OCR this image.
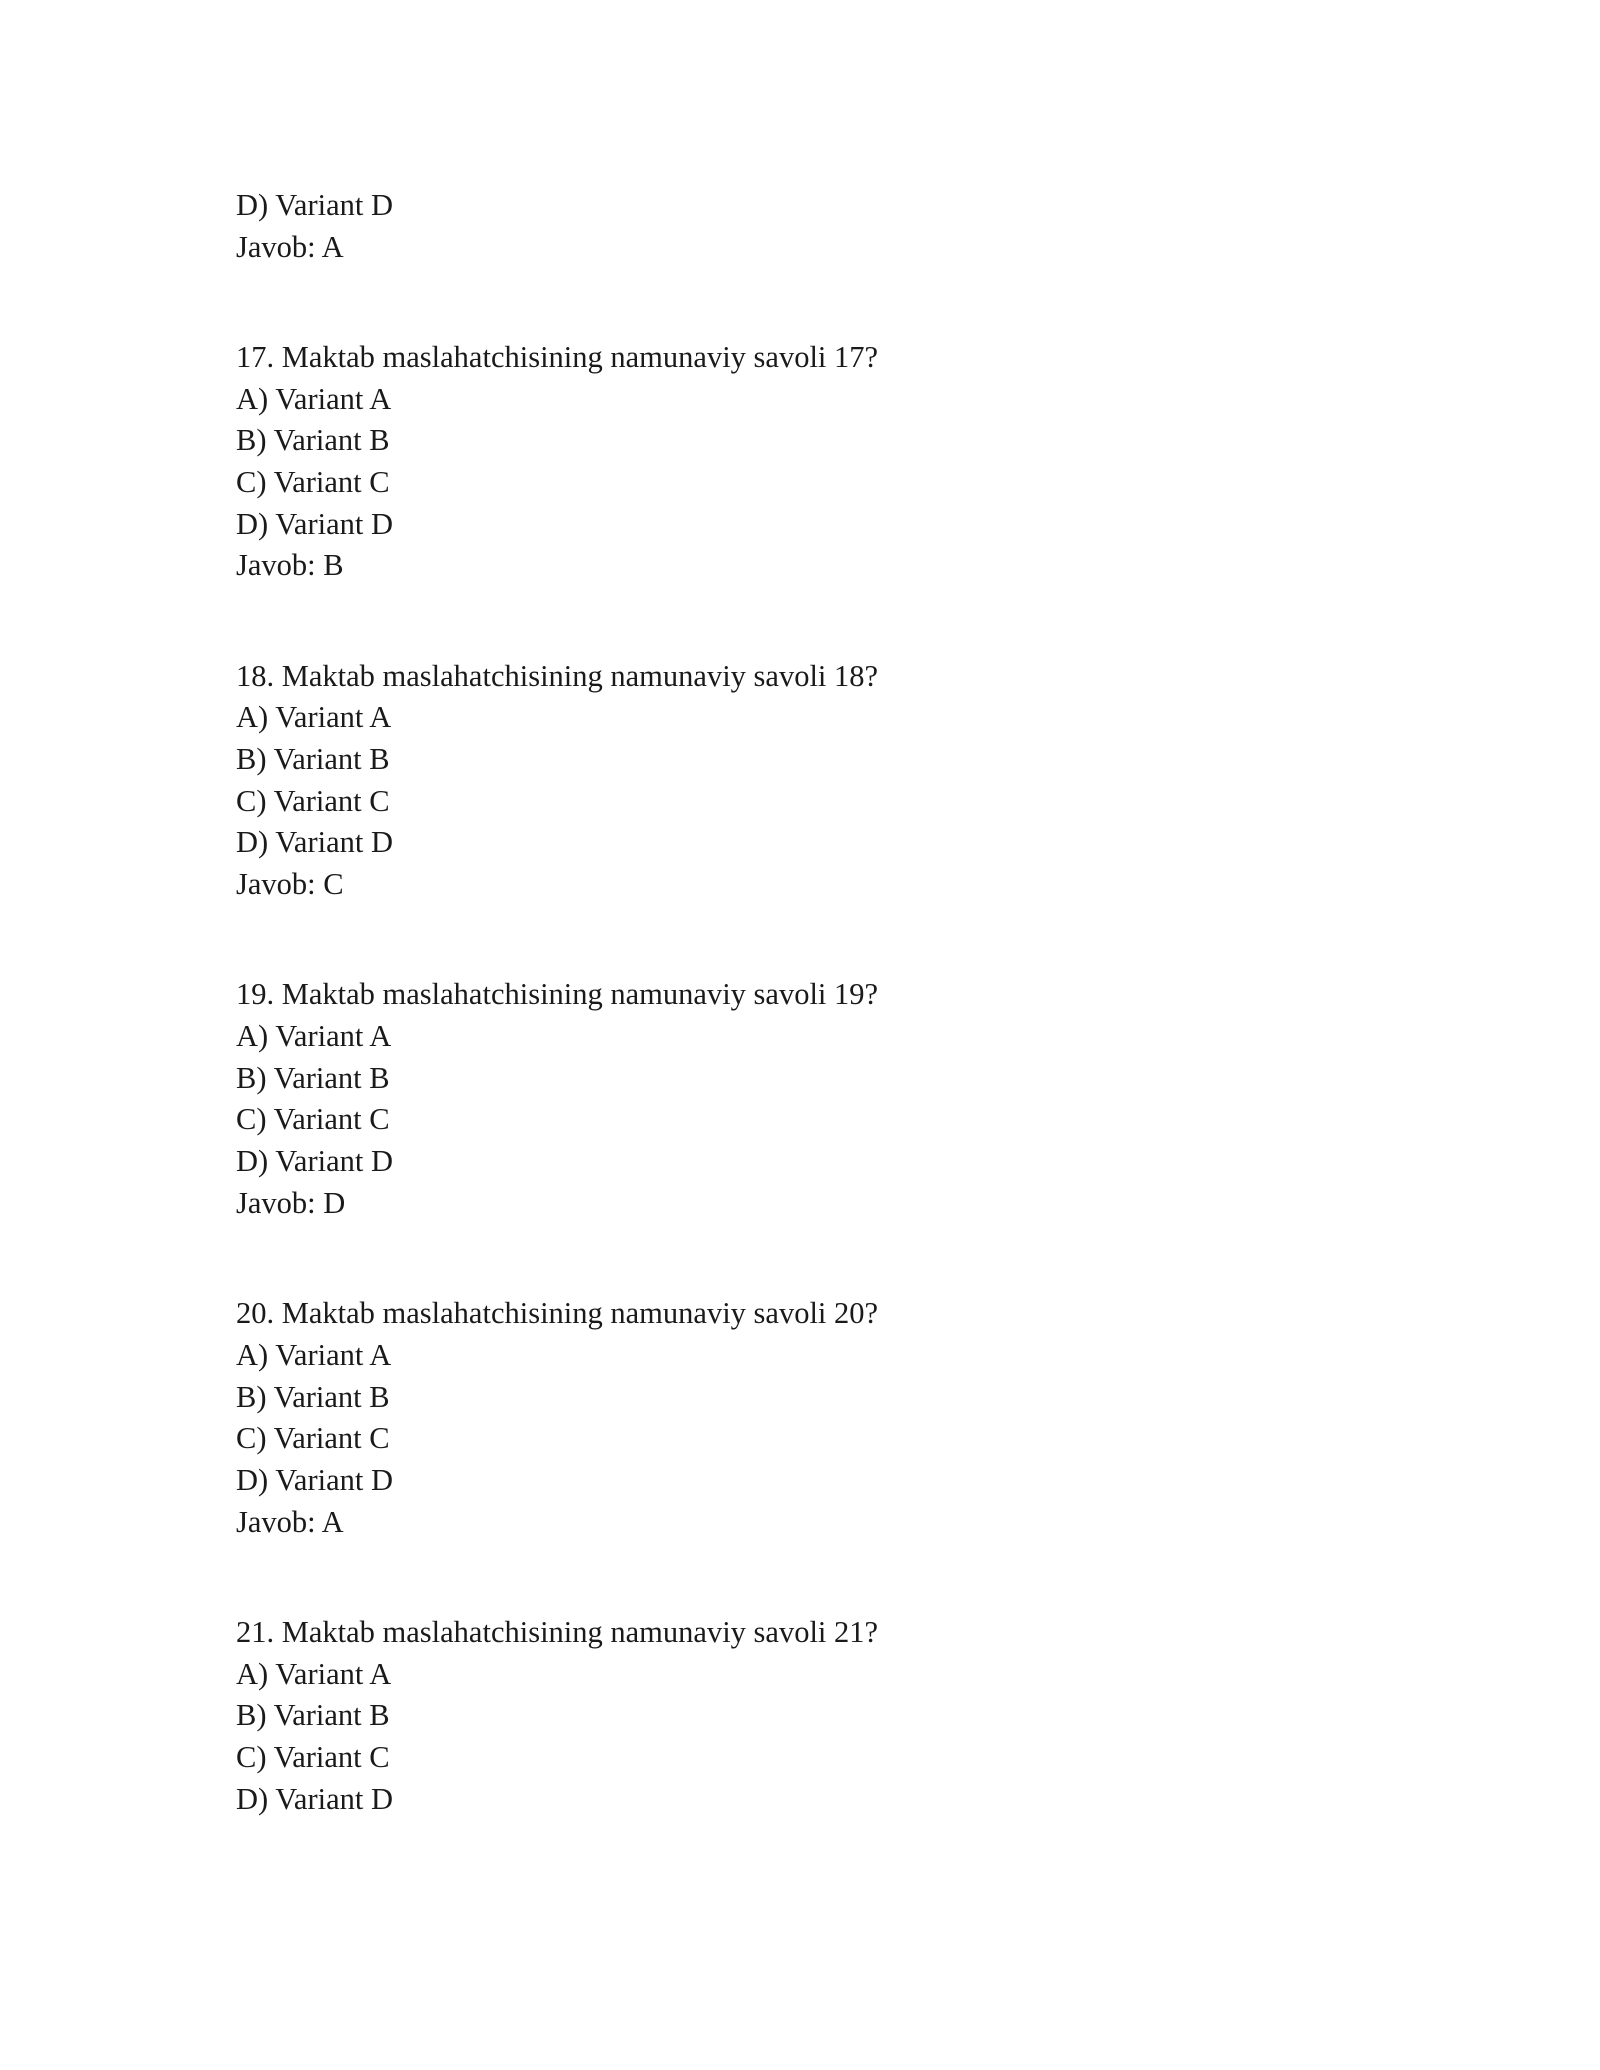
D) Variant D
Javob: A
17. Maktab maslahatchisining namunaviy savoli 17?
A) Variant A
B) Variant B
C) Variant C
D) Variant D
Javob: B
18. Maktab maslahatchisining namunaviy savoli 18?
A) Variant A
B) Variant B
C) Variant C
D) Variant D
Javob: C
19. Maktab maslahatchisining namunaviy savoli 19?
A) Variant A
B) Variant B
C) Variant C
D) Variant D
Javob: D
20. Maktab maslahatchisining namunaviy savoli 20?
A) Variant A
B) Variant B
C) Variant C
D) Variant D
Javob: A
21. Maktab maslahatchisining namunaviy savoli 21?
A) Variant A
B) Variant B
C) Variant C
D) Variant D
